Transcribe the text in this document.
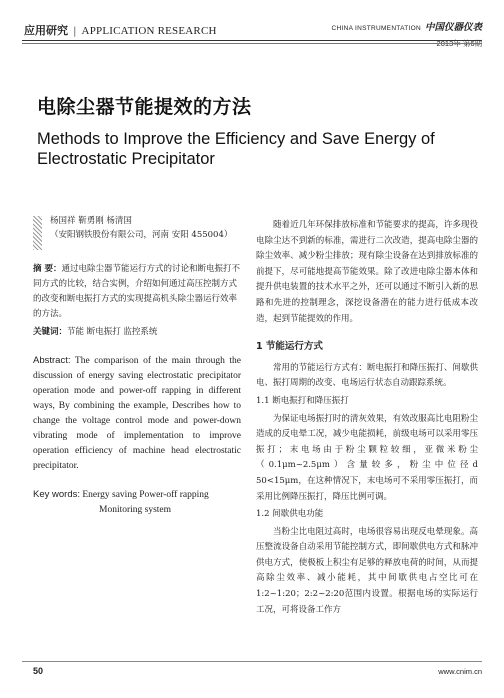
应用研究 | APPLICATION RESEARCH	CHINA INSTRUMENTATION 中国仪器仪表
2013年 第6期
电除尘器节能提效的方法
Methods to Improve the Efficiency and Save Energy of Electrostatic Precipitator
杨国祥 靳勇刚 杨清国
（安阳钢铁股份有限公司，河南 安阳 455004）
摘 要：通过电除尘器节能运行方式的讨论和断电振打不同方式的比较，结合实例，介绍如何通过高压控制方式的改变和断电振打方式的实现提高机头除尘器运行效率的方法。
关键词：节能 断电振打 监控系统
Abstract: The comparison of the main through the discussion of energy saving electrostatic precipitator operation mode and power-off rapping in different ways, By combining the example, Describes how to change the voltage control mode and power-down vibrating mode of implementation to improve operation efficiency of machine head electrostatic precipitator.
Key words: Energy saving Power-off rapping
Monitoring system

随着近几年环保排放标准和节能要求的提高，许多现役电除尘达不到新的标准，需进行二次改造，提高电除尘器的除尘效率、减少粉尘排放；现有除尘设备在达到排放标准的前提下，尽可能地提高节能效果。除了改进电除尘器本体和提升供电装置的技术水平之外，还可以通过不断引入新的思路和先进的控制理念，深挖设备潜在的能力进行低成本改造，起到节能提效的作用。

1 节能运行方式

常用的节能运行方式有：断电振打和降压振打、间歇供电、振打周期的改变、电场运行状态自动跟踪系统。

1.1 断电振打和降压振打

为保证电场振打时的清灰效果，有效改服高比电阻粉尘造成的反电晕工况，减少电能损耗，前级电场可以采用零压振打；末电场由于粉尘颗粒较细，亚微米粉尘（0.1μm~2.5μm）含量较多，粉尘中位径d 50<15μm，在这种情况下，末电场可不采用零压振打，而采用比例降压振打，降压比例可调。

1.2 间歇供电功能

当粉尘比电阻过高时，电场很容易出现反电晕现象。高压整流设备自动采用节能控制方式，即间歇供电方式和脉冲供电方式，使极板上积尘有足够的释放电荷的时间，从而提高除尘效率、减小能耗，其中间歇供电占空比可在1:2~1:20；2:2~2:20范围内设置。根据电场的实际运行工况，可将设备工作方

50	www.cnim.cn
